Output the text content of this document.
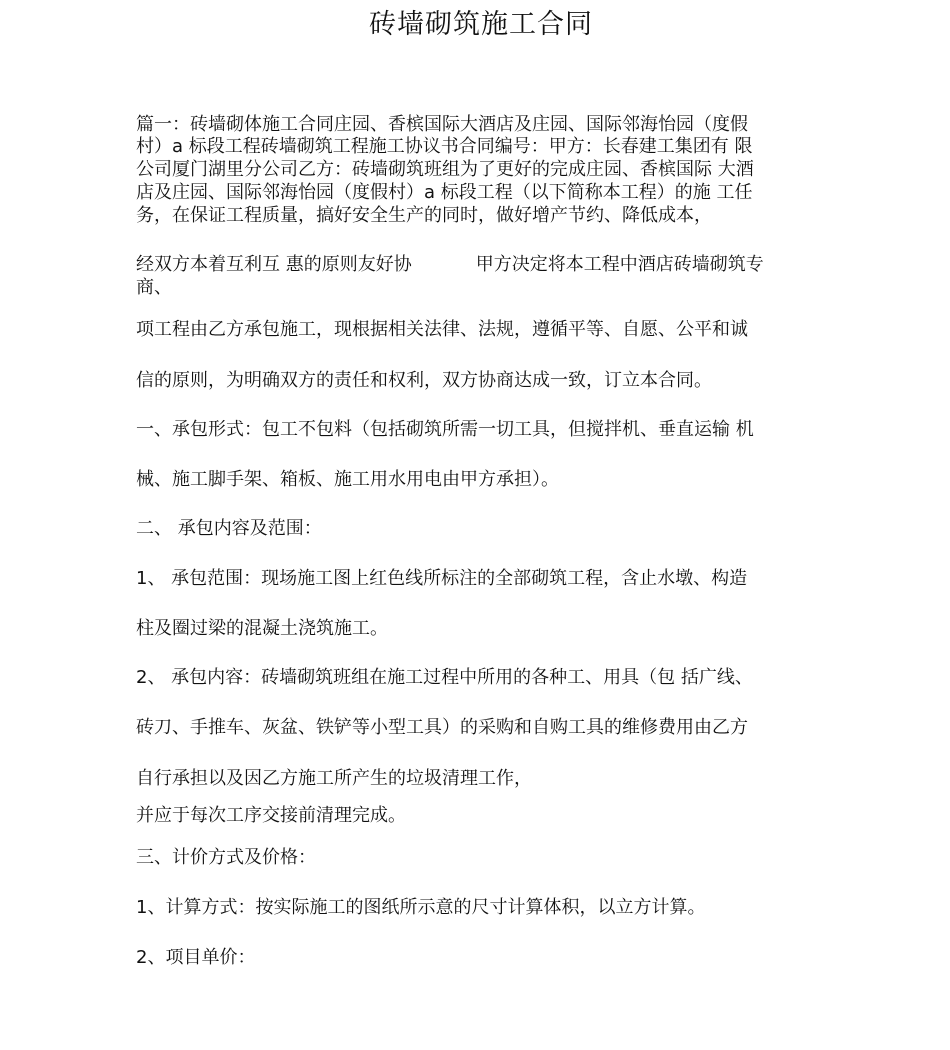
砖墙砌筑施工合同
篇一：砖墙砌体施工合同庄园、香槟国际大酒店及庄园、国际邻海怡园（度假
村）a 标段工程砖墙砌筑工程施工协议书合同编号：甲方：长春建工集团有 限
公司厦门湖里分公司乙方：砖墙砌筑班组为了更好的完成庄园、香槟国际 大酒
店及庄园、国际邻海怡园（度假村）a 标段工程（以下简称本工程）的施 工任
务，在保证工程质量，搞好安全生产的同时，做好增产节约、降低成本，
经双方本着互利互 惠的原则友好协	甲方决定将本工程中酒店砖墙砌筑专
商、
项工程由乙方承包施工，现根据相关法律、法规，遵循平等、自愿、公平和诚
信的原则，为明确双方的责任和权利，双方协商达成一致，订立本合同。
一、承包形式：包工不包料（包括砌筑所需一切工具，但搅拌机、垂直运输 机
械、施工脚手架、箱板、施工用水用电由甲方承担）。
二、 承包内容及范围：
1、 承包范围：现场施工图上红色线所标注的全部砌筑工程，含止水墩、构造
柱及圈过梁的混凝土浇筑施工。
2、 承包内容：砖墙砌筑班组在施工过程中所用的各种工、用具（包 括广线、
砖刀、手推车、灰盆、铁铲等小型工具）的采购和自购工具的维修费用由乙方
自行承担以及因乙方施工所产生的垃圾清理工作，
并应于每次工序交接前清理完成。
三、计价方式及价格：
1、计算方式：按实际施工的图纸所示意的尺寸计算体积，以立方计算。
2、项目单价：
